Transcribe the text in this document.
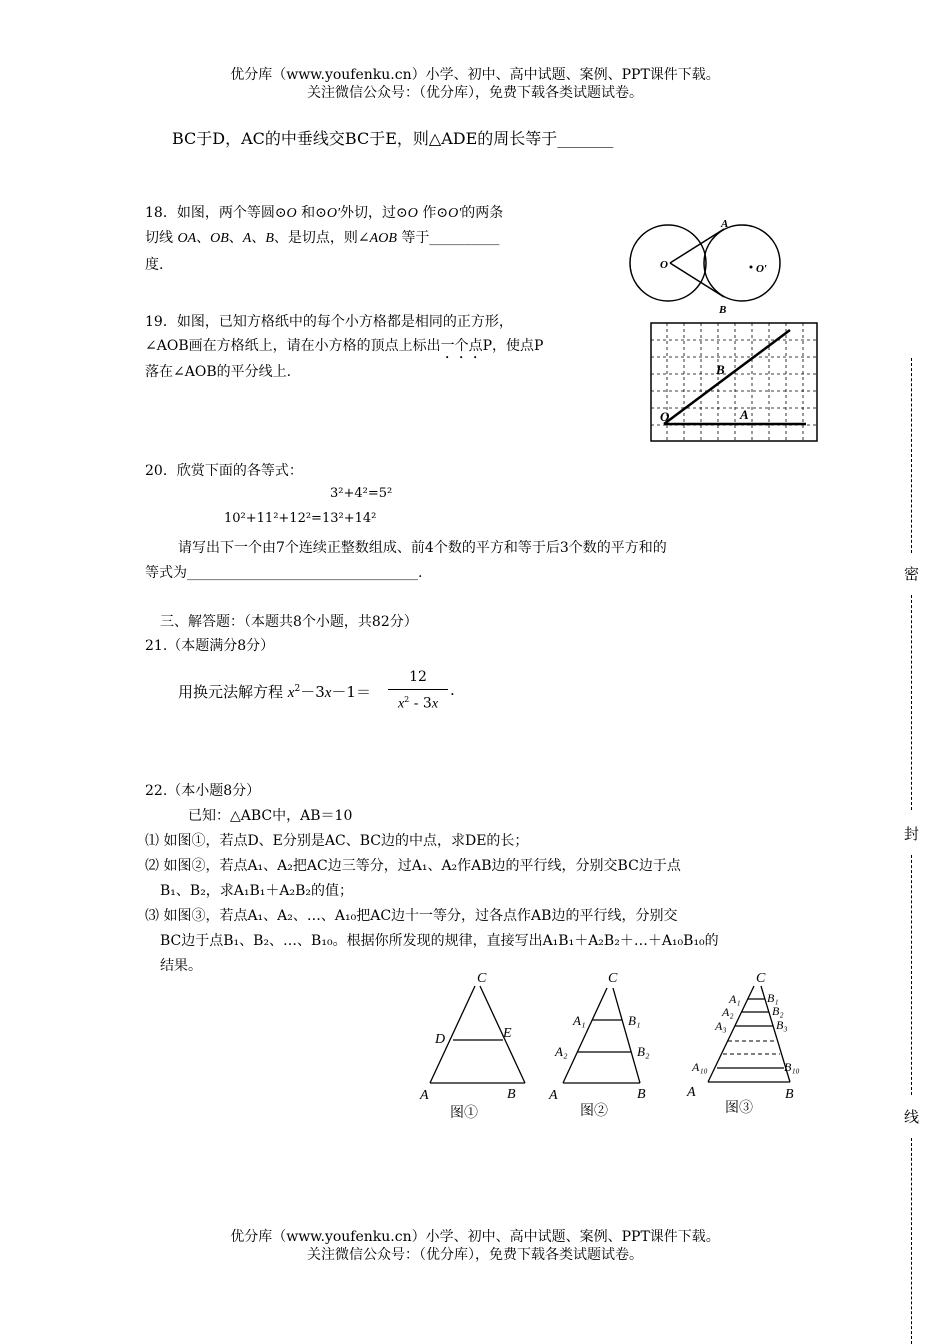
优分库（www.youfenku.cn）小学、初中、高中试题、案例、PPT课件下载。
关注微信公众号：（优分库），免费下载各类试题试卷。
BC于D，AC的中垂线交BC于E，则△ADE的周长等于_______
18．如图，两个等圆⊙O 和⊙O′外切，过⊙O 作⊙O′的两条
切线 OA、OB、A、B、是切点，则∠AOB 等于__________
度.	O	O′
A
B
19．如图，已知方格纸中的每个小方格都是相同的正方形，
∠AOB画在方格纸上，请在小方格的顶点上标出一个点P，使点P
落在∠AOB的平分线上.
O	A
B
20．欣赏下面的各等式：
3²+4²=5²
10²+11²+12²=13²+14²
请写出下一个由7个连续正整数组成、前4个数的平方和等于后3个数的平方和的
等式为_________________________________.
三、解答题：（本题共8个小题，共82分）
21.（本题满分8分）
用换元法解方程 $x^2-3x-1=$
12
$x^2 - 3x$
.
22.（本小题8分）
已知：△ABC中，AB＝10
⑴ 如图①，若点D、E分别是AC、BC边的中点，求DE的长；
⑵ 如图②，若点A₁、A₂把AC边三等分，过A₁、A₂作AB边的平行线，分别交BC边于点
B₁、B₂，求A₁B₁＋A₂B₂的值；
⑶ 如图③，若点A₁、A₂、…、A₁₀把AC边十一等分，过各点作AB边的平行线，分别交
BC边于点B₁、B₂、…、B₁₀。根据你所发现的规律，直接写出A₁B₁＋A₂B₂＋…＋A₁₀B₁₀的
结果。
C
D	E
A	B
图①
C
A₁	B₁
A₂	B₂
A	B
图②
C
A₁ B₁
A₂	B₂
A₃	B₃
A₁₀	B₁₀
A	B
图③
优分库（www.youfenku.cn）小学、初中、高中试题、案例、PPT课件下载。
关注微信公众号：（优分库），免费下载各类试题试卷。
密
封
线
